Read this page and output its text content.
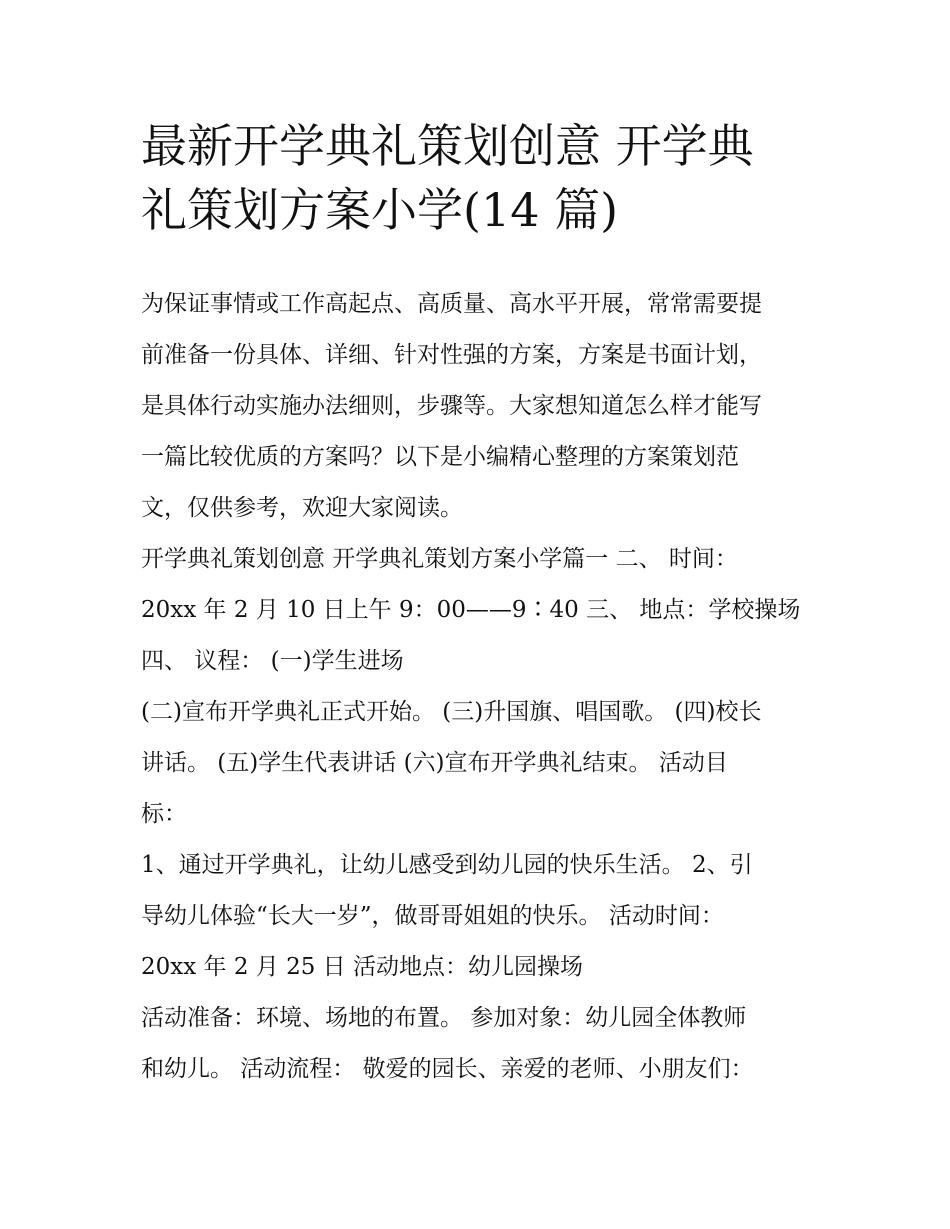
最新开学典礼策划创意 开学典
礼策划方案小学(14 篇)
为保证事情或工作高起点、高质量、高水平开展，常常需要提
前准备一份具体、详细、针对性强的方案，方案是书面计划，
是具体行动实施办法细则，步骤等。大家想知道怎么样才能写
一篇比较优质的方案吗？以下是小编精心整理的方案策划范
文，仅供参考，欢迎大家阅读。
开学典礼策划创意 开学典礼策划方案小学篇一 二、 时间：
20xx 年 2 月 10 日上午 9：00——9∶40 三、 地点：学校操场
四、 议程： (一)学生进场
(二)宣布开学典礼正式开始。 (三)升国旗、唱国歌。 (四)校长
讲话。 (五)学生代表讲话 (六)宣布开学典礼结束。 活动目
标：
1、通过开学典礼，让幼儿感受到幼儿园的快乐生活。 2、引
导幼儿体验“长大一岁”，做哥哥姐姐的快乐。 活动时间：
20xx 年 2 月 25 日 活动地点：幼儿园操场
活动准备：环境、场地的布置。 参加对象：幼儿园全体教师
和幼儿。 活动流程： 敬爱的园长、亲爱的老师、小朋友们：
